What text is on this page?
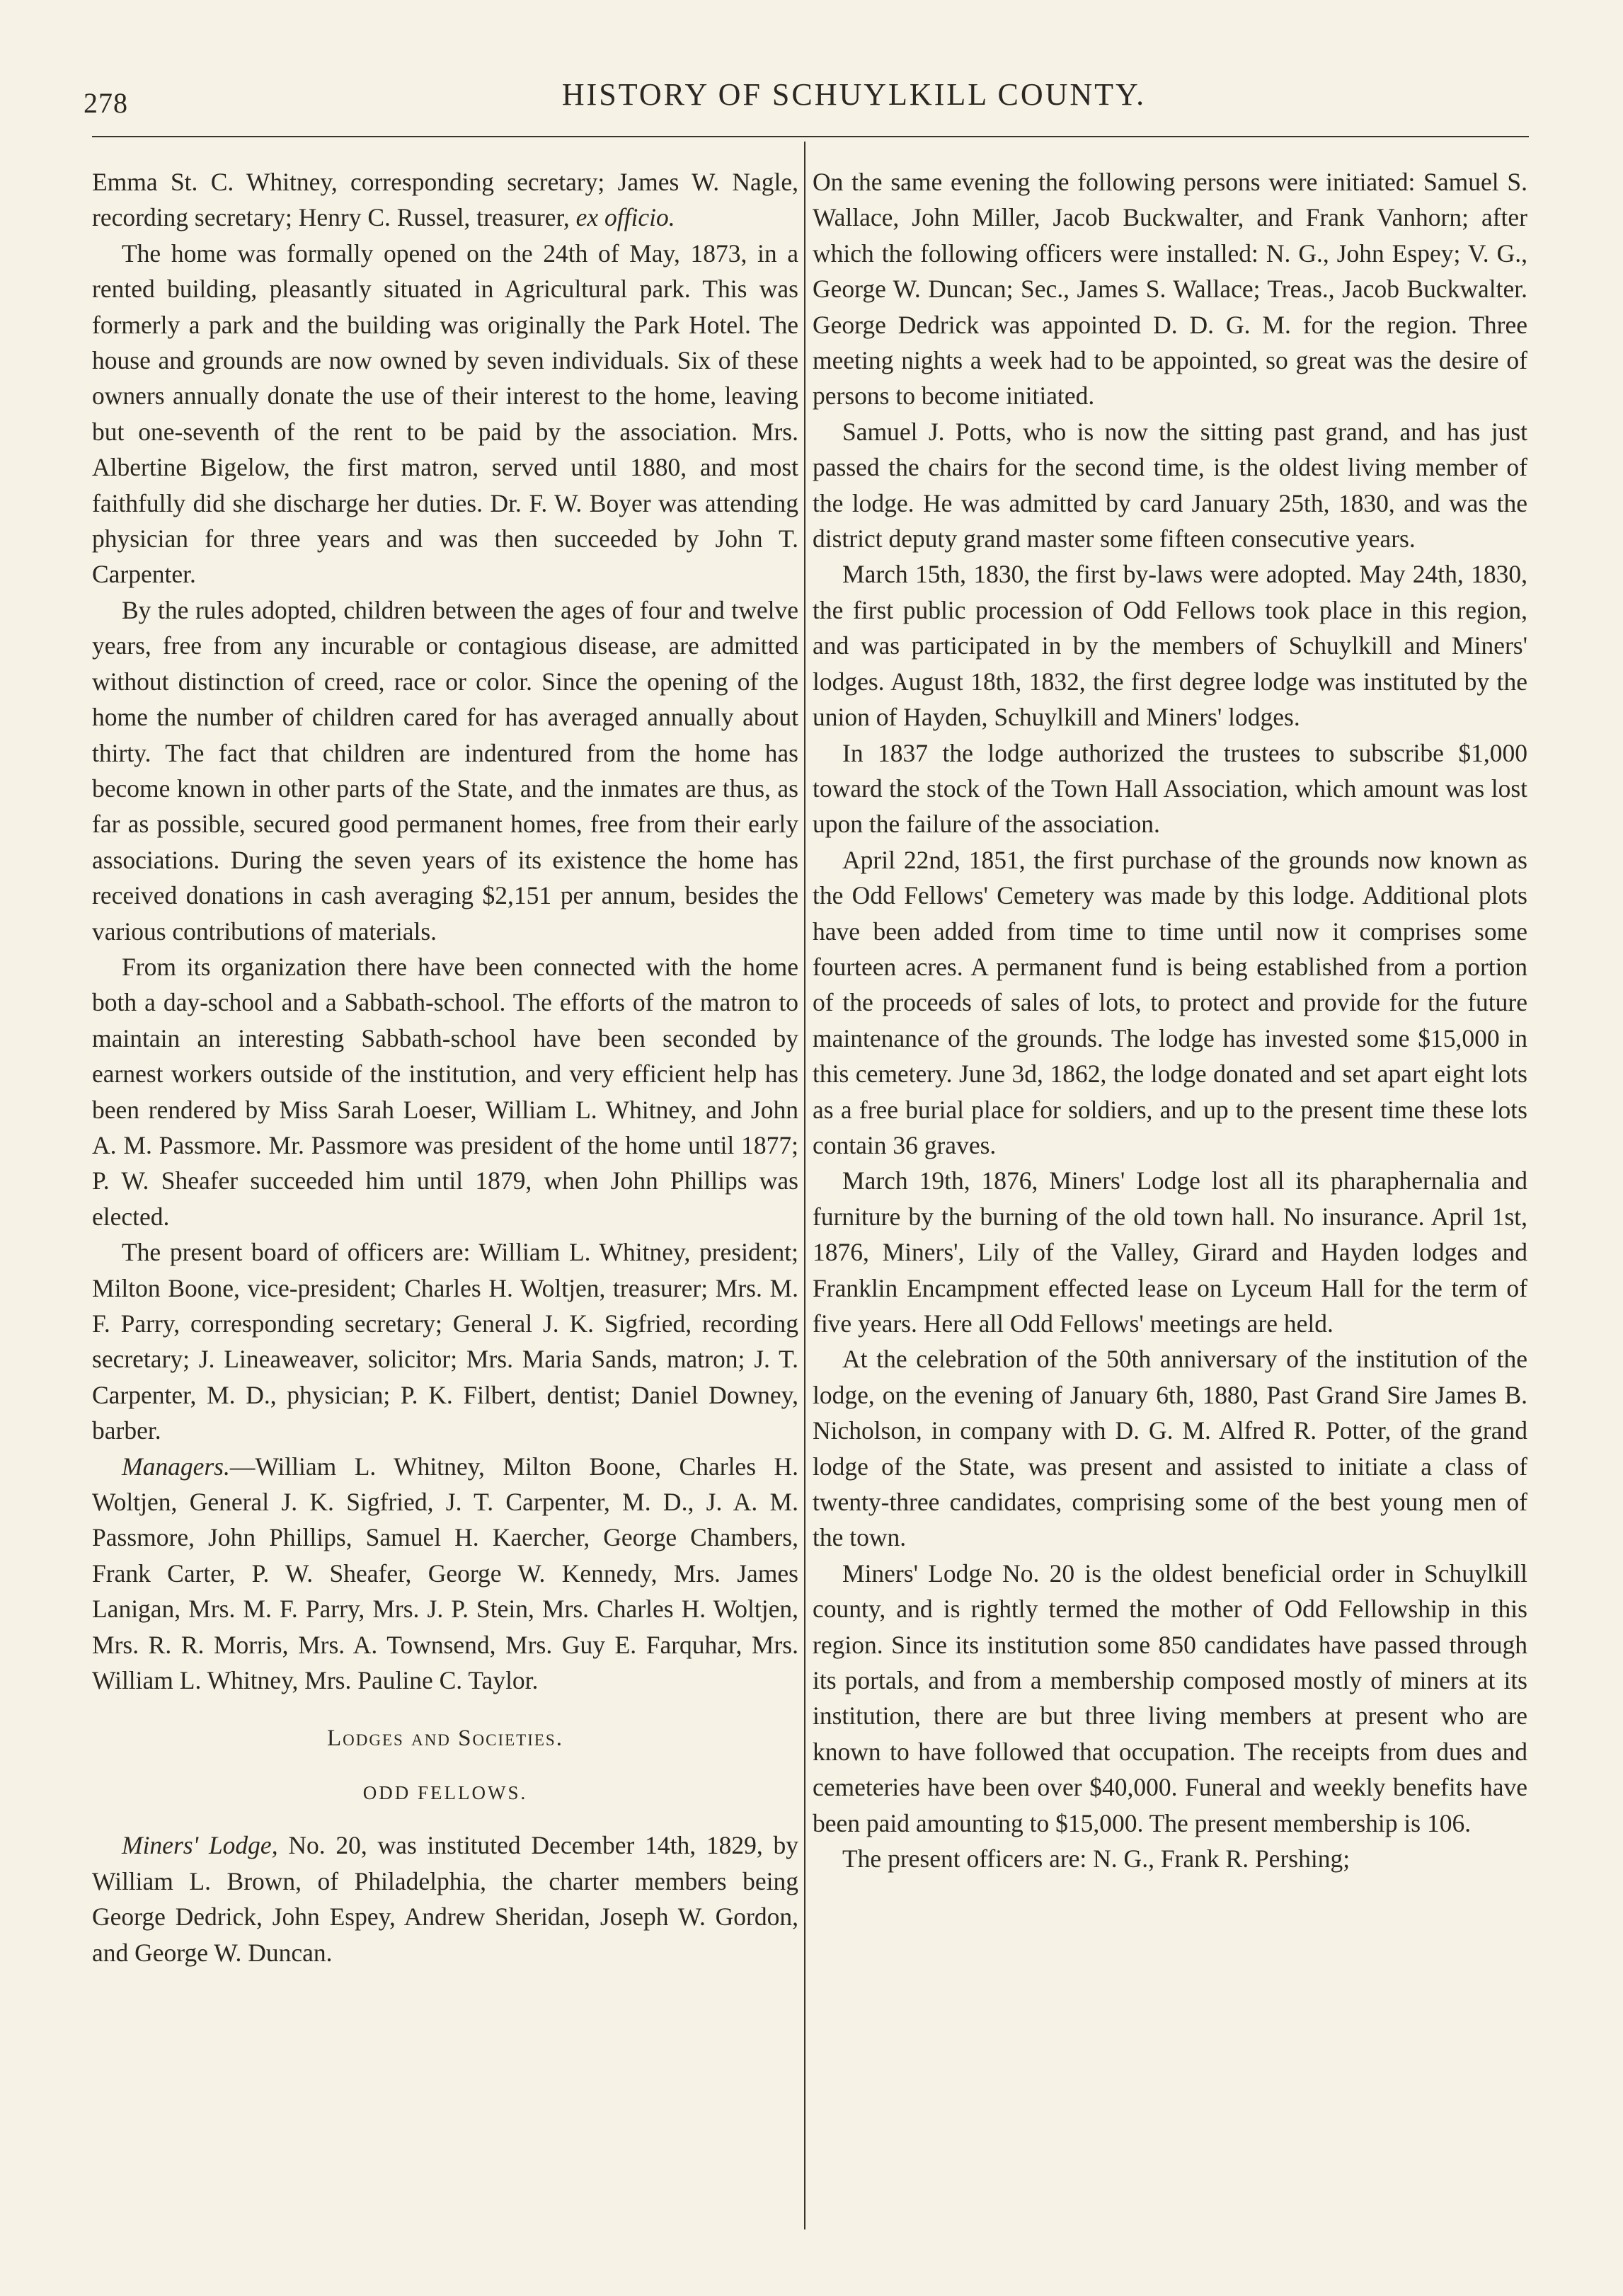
278	HISTORY OF SCHUYLKILL COUNTY.

Emma St. C. Whitney, corresponding secretary; James W. Nagle, recording secretary; Henry C. Russel, treasurer, ex officio.

The home was formally opened on the 24th of May, 1873, in a rented building, pleasantly situated in Agricultural park. This was formerly a park and the building was originally the Park Hotel. The house and grounds are now owned by seven individuals. Six of these owners annually donate the use of their interest to the home, leaving but one-seventh of the rent to be paid by the association. Mrs. Albertine Bigelow, the first matron, served until 1880, and most faithfully did she discharge her duties. Dr. F. W. Boyer was attending physician for three years and was then succeeded by John T. Carpenter.

By the rules adopted, children between the ages of four and twelve years, free from any incurable or contagious disease, are admitted without distinction of creed, race or color. Since the opening of the home the number of children cared for has averaged annually about thirty. The fact that children are indentured from the home has become known in other parts of the State, and the inmates are thus, as far as possible, secured good permanent homes, free from their early associations. During the seven years of its existence the home has received donations in cash averaging $2,151 per annum, besides the various contributions of materials.

From its organization there have been connected with the home both a day-school and a Sabbath-school. The efforts of the matron to maintain an interesting Sabbath-school have been seconded by earnest workers outside of the institution, and very efficient help has been rendered by Miss Sarah Loeser, William L. Whitney, and John A. M. Passmore. Mr. Passmore was president of the home until 1877; P. W. Sheafer succeeded him until 1879, when John Phillips was elected.

The present board of officers are: William L. Whitney, president; Milton Boone, vice-president; Charles H. Woltjen, treasurer; Mrs. M. F. Parry, corresponding secretary; General J. K. Sigfried, recording secretary; J. Lineaweaver, solicitor; Mrs. Maria Sands, matron; J. T. Carpenter, M. D., physician; P. K. Filbert, dentist; Daniel Downey, barber.

Managers.—William L. Whitney, Milton Boone, Charles H. Woltjen, General J. K. Sigfried, J. T. Carpenter, M. D., J. A. M. Passmore, John Phillips, Samuel H. Kaercher, George Chambers, Frank Carter, P. W. Sheafer, George W. Kennedy, Mrs. James Lanigan, Mrs. M. F. Parry, Mrs. J. P. Stein, Mrs. Charles H. Woltjen, Mrs. R. R. Morris, Mrs. A. Townsend, Mrs. Guy E. Farquhar, Mrs. William L. Whitney, Mrs. Pauline C. Taylor.

Lodges and Societies.
ODD FELLOWS.

Miners' Lodge, No. 20, was instituted December 14th, 1829, by William L. Brown, of Philadelphia, the charter members being George Dedrick, John Espey, Andrew Sheridan, Joseph W. Gordon, and George W. Duncan.

On the same evening the following persons were initiated: Samuel S. Wallace, John Miller, Jacob Buckwalter, and Frank Vanhorn; after which the following officers were installed: N. G., John Espey; V. G., George W. Duncan; Sec., James S. Wallace; Treas., Jacob Buckwalter. George Dedrick was appointed D. D. G. M. for the region. Three meeting nights a week had to be appointed, so great was the desire of persons to become initiated.

Samuel J. Potts, who is now the sitting past grand, and has just passed the chairs for the second time, is the oldest living member of the lodge. He was admitted by card January 25th, 1830, and was the district deputy grand master some fifteen consecutive years.

March 15th, 1830, the first by-laws were adopted. May 24th, 1830, the first public procession of Odd Fellows took place in this region, and was participated in by the members of Schuylkill and Miners' lodges. August 18th, 1832, the first degree lodge was instituted by the union of Hayden, Schuylkill and Miners' lodges.

In 1837 the lodge authorized the trustees to subscribe $1,000 toward the stock of the Town Hall Association, which amount was lost upon the failure of the association.

April 22nd, 1851, the first purchase of the grounds now known as the Odd Fellows' Cemetery was made by this lodge. Additional plots have been added from time to time until now it comprises some fourteen acres. A permanent fund is being established from a portion of the proceeds of sales of lots, to protect and provide for the future maintenance of the grounds. The lodge has invested some $15,000 in this cemetery. June 3d, 1862, the lodge donated and set apart eight lots as a free burial place for soldiers, and up to the present time these lots contain 36 graves.

March 19th, 1876, Miners' Lodge lost all its pharaphernalia and furniture by the burning of the old town hall. No insurance. April 1st, 1876, Miners', Lily of the Valley, Girard and Hayden lodges and Franklin Encampment effected lease on Lyceum Hall for the term of five years. Here all Odd Fellows' meetings are held.

At the celebration of the 50th anniversary of the institution of the lodge, on the evening of January 6th, 1880, Past Grand Sire James B. Nicholson, in company with D. G. M. Alfred R. Potter, of the grand lodge of the State, was present and assisted to initiate a class of twenty-three candidates, comprising some of the best young men of the town.

Miners' Lodge No. 20 is the oldest beneficial order in Schuylkill county, and is rightly termed the mother of Odd Fellowship in this region. Since its institution some 850 candidates have passed through its portals, and from a membership composed mostly of miners at its institution, there are but three living members at present who are known to have followed that occupation. The receipts from dues and cemeteries have been over $40,000. Funeral and weekly benefits have been paid amounting to $15,000. The present membership is 106.

The present officers are: N. G., Frank R. Pershing;
